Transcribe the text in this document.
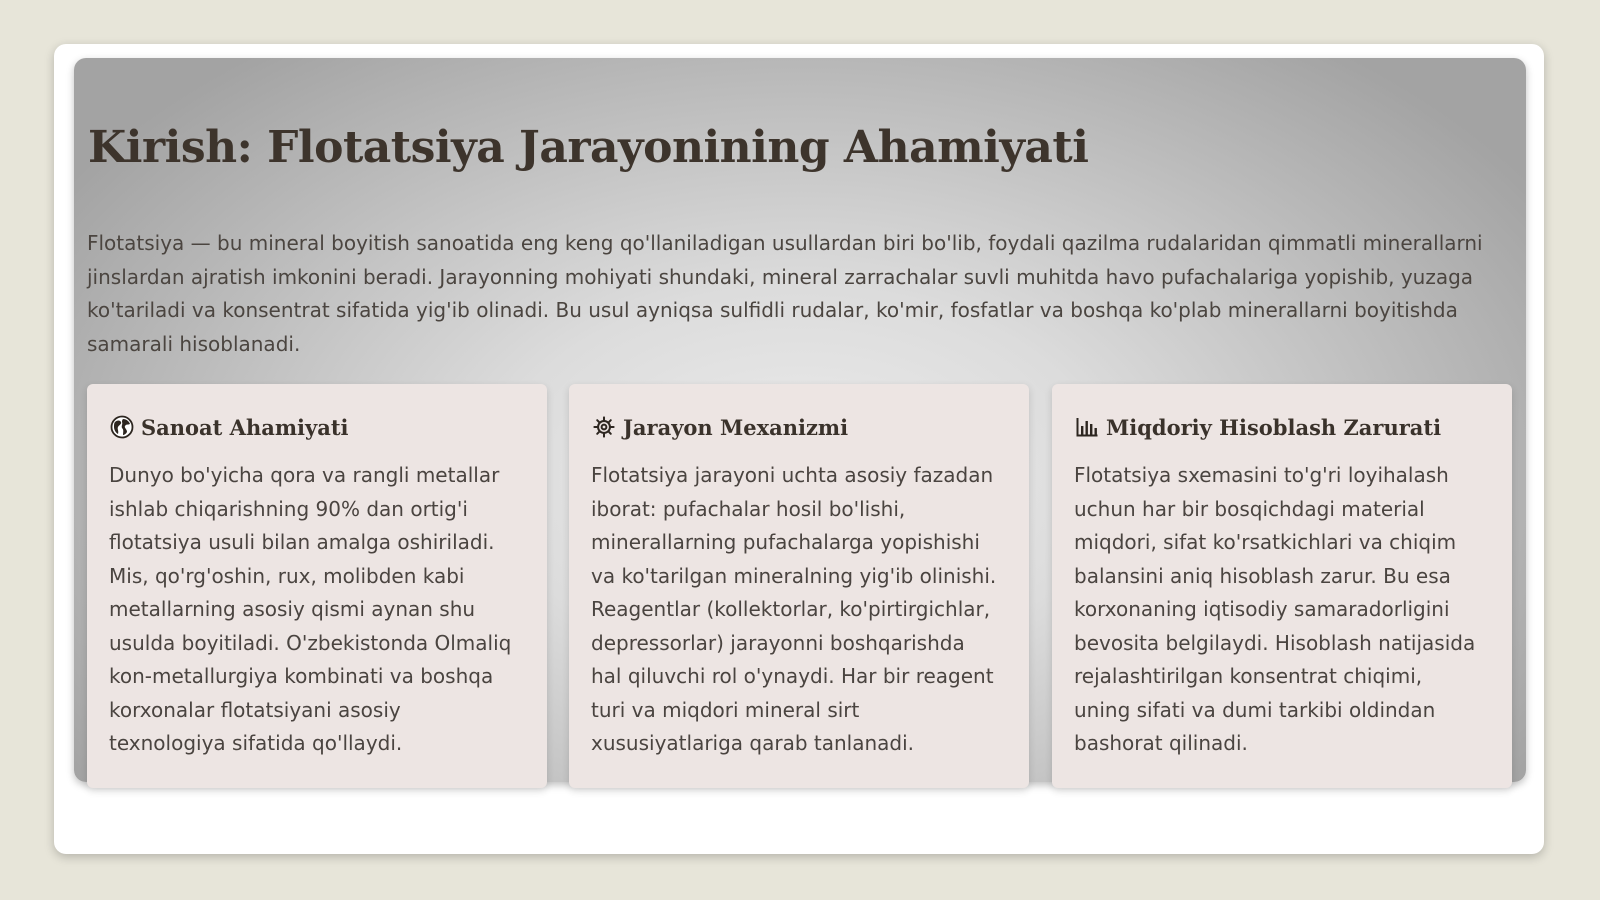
Kirish: Flotatsiya Jarayonining Ahamiyati

Flotatsiya — bu mineral boyitish sanoatida eng keng qo'llaniladigan usullardan biri bo'lib, foydali qazilma rudalaridan qimmatli minerallarni jinslardan ajratish imkonini beradi. Jarayonning mohiyati shundaki, mineral zarrachalar suvli muhitda havo pufachalariga yopishib, yuzaga ko'tariladi va konsentrat sifatida yig'ib olinadi. Bu usul ayniqsa sulfidli rudalar, ko'mir, fosfatlar va boshqa ko'plab minerallarni boyitishda samarali hisoblanadi.

Sanoat Ahamiyati

Dunyo bo'yicha qora va rangli metallar ishlab chiqarishning 90% dan ortig'i flotatsiya usuli bilan amalga oshiriladi. Mis, qo'rg'oshin, rux, molibden kabi metallarning asosiy qismi aynan shu usulda boyitiladi. O'zbekistonda Olmaliq kon-metallurgiya kombinati va boshqa korxonalar flotatsiyani asosiy texnologiya sifatida qo'llaydi.

Jarayon Mexanizmi

Flotatsiya jarayoni uchta asosiy fazadan iborat: pufachalar hosil bo'lishi, minerallarning pufachalarga yopishishi va ko'tarilgan mineralning yig'ib olinishi. Reagentlar (kollektorlar, ko'pirtirgichlar, depressorlar) jarayonni boshqarishda hal qiluvchi rol o'ynaydi. Har bir reagent turi va miqdori mineral sirt xususiyatlariga qarab tanlanadi.

Miqdoriy Hisoblash Zarurati

Flotatsiya sxemasini to'g'ri loyihalash uchun har bir bosqichdagi material miqdori, sifat ko'rsatkichlari va chiqim balansini aniq hisoblash zarur. Bu esa korxonaning iqtisodiy samaradorligini bevosita belgilaydi. Hisoblash natijasida rejalashtirilgan konsentrat chiqimi, uning sifati va dumi tarkibi oldindan bashorat qilinadi.
